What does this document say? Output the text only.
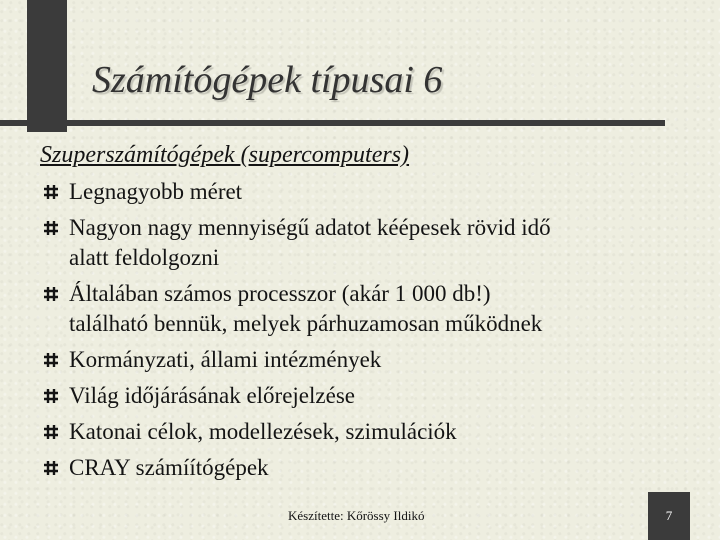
Számítógépek típusai 6
Szuperszámítógépek (supercomputers)
Legnagyobb méret
Nagyon nagy mennyiségű adatot kéépesek rövid idő
alatt feldolgozni
Általában számos processzor (akár 1 000 db!)
található bennük, melyek párhuzamosan működnek
Kormányzati, állami intézmények
Világ időjárásának előrejelzése
Katonai célok, modellezések, szimulációk
CRAY számíítógépek
Készítette: Kőrössy Ildikó	7
